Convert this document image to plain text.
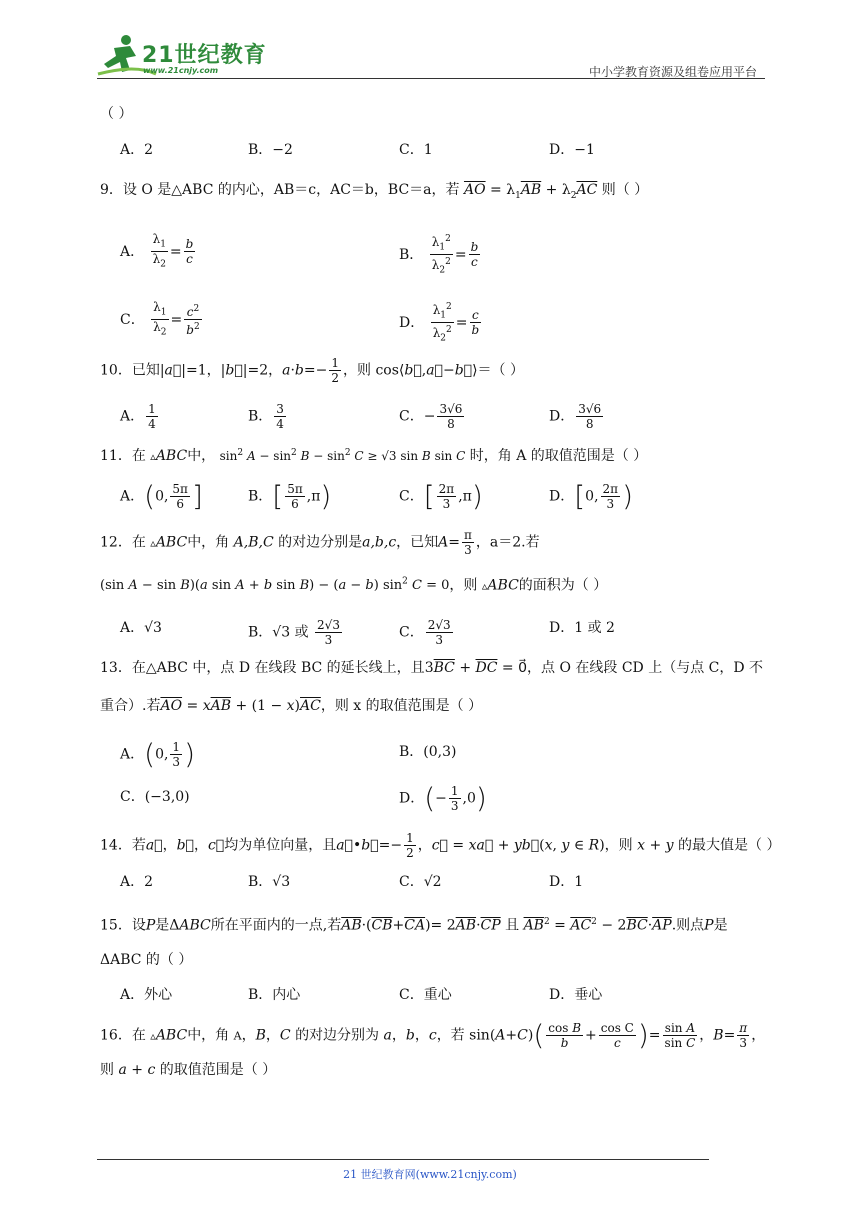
21世纪教育
www.21cnjy.com	中小学教育资源及组卷应用平台
（ ）
A．2	B．−2	C．1	D．−1
9．设 O 是△ABC 的内心，AB＝c，AC＝b，BC＝a，若 $\overline{AO} = \lambda_1\overline{AB} + \lambda_2\overline{AC}$ 则（ ）
A． $\frac{\lambda_1}{\lambda_2} = \frac{b}{c}$	B． $\frac{\lambda_1^2}{\lambda_2^2} = \frac{b}{c}$
C． $\frac{\lambda_1}{\lambda_2} = \frac{c^2}{b^2}$	D． $\frac{\lambda_1^2}{\lambda_2^2} = \frac{c}{b}$
10．已知|a⃗|=1，|b⃗|=2，$a\cdot b=- \frac{1}{2}$ ，则 cos⟨b⃗,a⃗−b⃗⟩＝（ ）
A． $\frac{1}{4}$	B． $\frac{3}{4}$	C．− $\frac{3√6}{8}$	D． $\frac{3√6}{8}$
11．在 ▵ABC中， $\sin^2 A - \sin^2 B - \sin^2 C \ge √3$ sin B sin C 时，角 A 的取值范围是（ ）
A．(0, $\frac{5\pi}{6}$ ]	B．[ $\frac{5\pi}{6} ,\pi$)	C．[ $\frac{2\pi}{3} ,\pi$)	D．[0, $\frac{2\pi}{3}$ )
12．在 ▵ABC中，角 A,B,C 的对边分别是a,b,c，已知$A= \frac{\pi}{3}$ ，a＝2.若
(sin A − sin B)(a sin A + b sin B) − (a − b) $\sin^2 C = 0$，则 ▵ABC的面积为（ ）
A．√3	B．√3 或 $\frac{2√3}{3}$	C． $\frac{2√3}{3}$	D．1 或 2
13．在△ABC 中，点 D 在线段 BC 的延长线上，且$3\overline{BC} + \overline{DC}$ = 0⃗，点 O 在线段 CD 上（与点 C，D 不
重合）.若$\overline{AO} = x\overline{AB} + (1 - x)\overline{AC}$，则 x 的取值范围是（ ）
A．(0, $\frac{1}{3}$ )	B．(0,3)
C．(−3,0)	D．(− $\frac{1}{3} ,0$)
14．若a⃗，b⃗，c⃗均为单位向量，且a⃗•b⃗=− $\frac{1}{2}$ ，c⃗ = xa⃗ + yb⃗(x, y ∈ R)，则 x + y 的最大值是（ ）
A．2	B．√3	C．√2	D．1
15．设P是ΔABC所在平面内的一点,若$\overline{AB}\cdot(\overline{CB}+\overline{CA})= 2\overline{AB}\cdot\overline{CP}$ 且 $\overline{AB}^2 = \overline{AC}^2 - 2\overline{BC}\cdot\overline{AP}$.则点P是
ΔABC 的（ ）
A．外心	B．内心	C．重心	D．垂心
16．在 ▵ABC中，角 A，B，C 的对边分别为 a，b，c，若 $\sin(A+C)( \frac{\text{cos B}}{b} + \frac{\text{cos C}}{c}$ )= $\frac{\text{sin A}}{\text{sin C}}$ ，$B= \frac{\pi}{3}$ ，
则 a + c 的取值范围是（ ）
21 世纪教育网(www.21cnjy.com)
